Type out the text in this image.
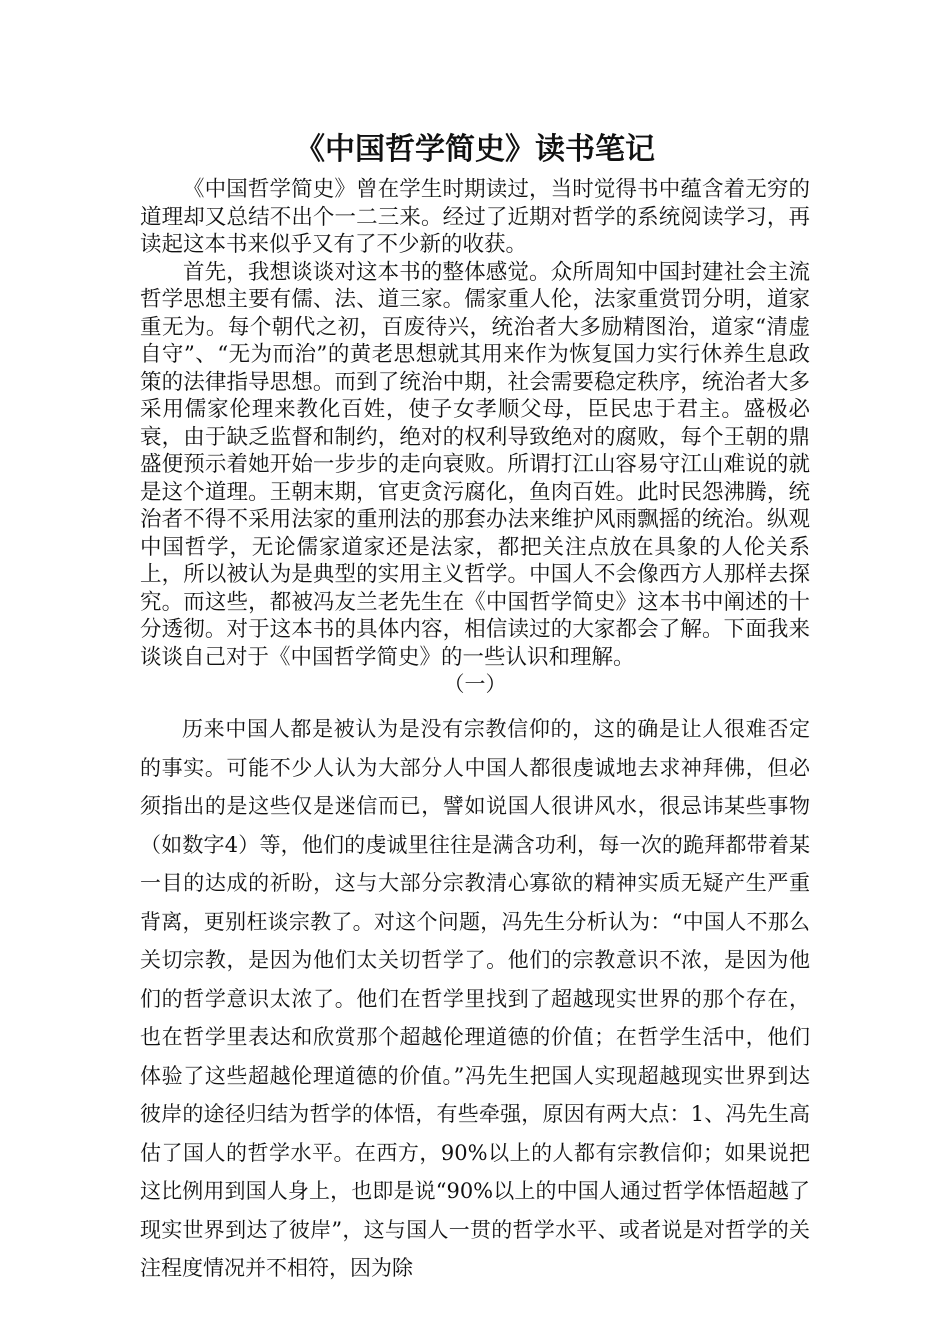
《中国哲学简史》读书笔记

《中国哲学简史》曾在学生时期读过，当时觉得书中蕴含着无穷的道理却又总结不出个一二三来。经过了近期对哲学的系统阅读学习，再读起这本书来似乎又有了不少新的收获。

首先，我想谈谈对这本书的整体感觉。众所周知中国封建社会主流哲学思想主要有儒、法、道三家。儒家重人伦，法家重赏罚分明，道家重无为。每个朝代之初，百废待兴，统治者大多励精图治，道家“清虚自守”、“无为而治”的黄老思想就其用来作为恢复国力实行休养生息政策的法律指导思想。而到了统治中期，社会需要稳定秩序，统治者大多采用儒家伦理来教化百姓，使子女孝顺父母，臣民忠于君主。盛极必衰，由于缺乏监督和制约，绝对的权利导致绝对的腐败，每个王朝的鼎盛便预示着她开始一步步的走向衰败。所谓打江山容易守江山难说的就是这个道理。王朝末期，官吏贪污腐化，鱼肉百姓。此时民怨沸腾，统治者不得不采用法家的重刑法的那套办法来维护风雨飘摇的统治。纵观中国哲学，无论儒家道家还是法家，都把关注点放在具象的人伦关系上，所以被认为是典型的实用主义哲学。中国人不会像西方人那样去探究。而这些，都被冯友兰老先生在《中国哲学简史》这本书中阐述的十分透彻。对于这本书的具体内容，相信读过的大家都会了解。下面我来谈谈自己对于《中国哲学简史》的一些认识和理解。

（一）

历来中国人都是被认为是没有宗教信仰的，这的确是让人很难否定的事实。可能不少人认为大部分人中国人都很虔诚地去求神拜佛，但必须指出的是这些仅是迷信而已，譬如说国人很讲风水，很忌讳某些事物（如数字4）等，他们的虔诚里往往是满含功利，每一次的跪拜都带着某一目的达成的祈盼，这与大部分宗教清心寡欲的精神实质无疑产生严重背离，更别枉谈宗教了。对这个问题，冯先生分析认为：“中国人不那么关切宗教，是因为他们太关切哲学了。他们的宗教意识不浓，是因为他们的哲学意识太浓了。他们在哲学里找到了超越现实世界的那个存在，也在哲学里表达和欣赏那个超越伦理道德的价值；在哲学生活中，他们体验了这些超越伦理道德的价值。”冯先生把国人实现超越现实世界到达彼岸的途径归结为哲学的体悟，有些牵强，原因有两大点：1、冯先生高估了国人的哲学水平。在西方，90%以上的人都有宗教信仰；如果说把这比例用到国人身上，也即是说“90%以上的中国人通过哲学体悟超越了现实世界到达了彼岸”，这与国人一贯的哲学水平、或者说是对哲学的关注程度情况并不相符，因为除
